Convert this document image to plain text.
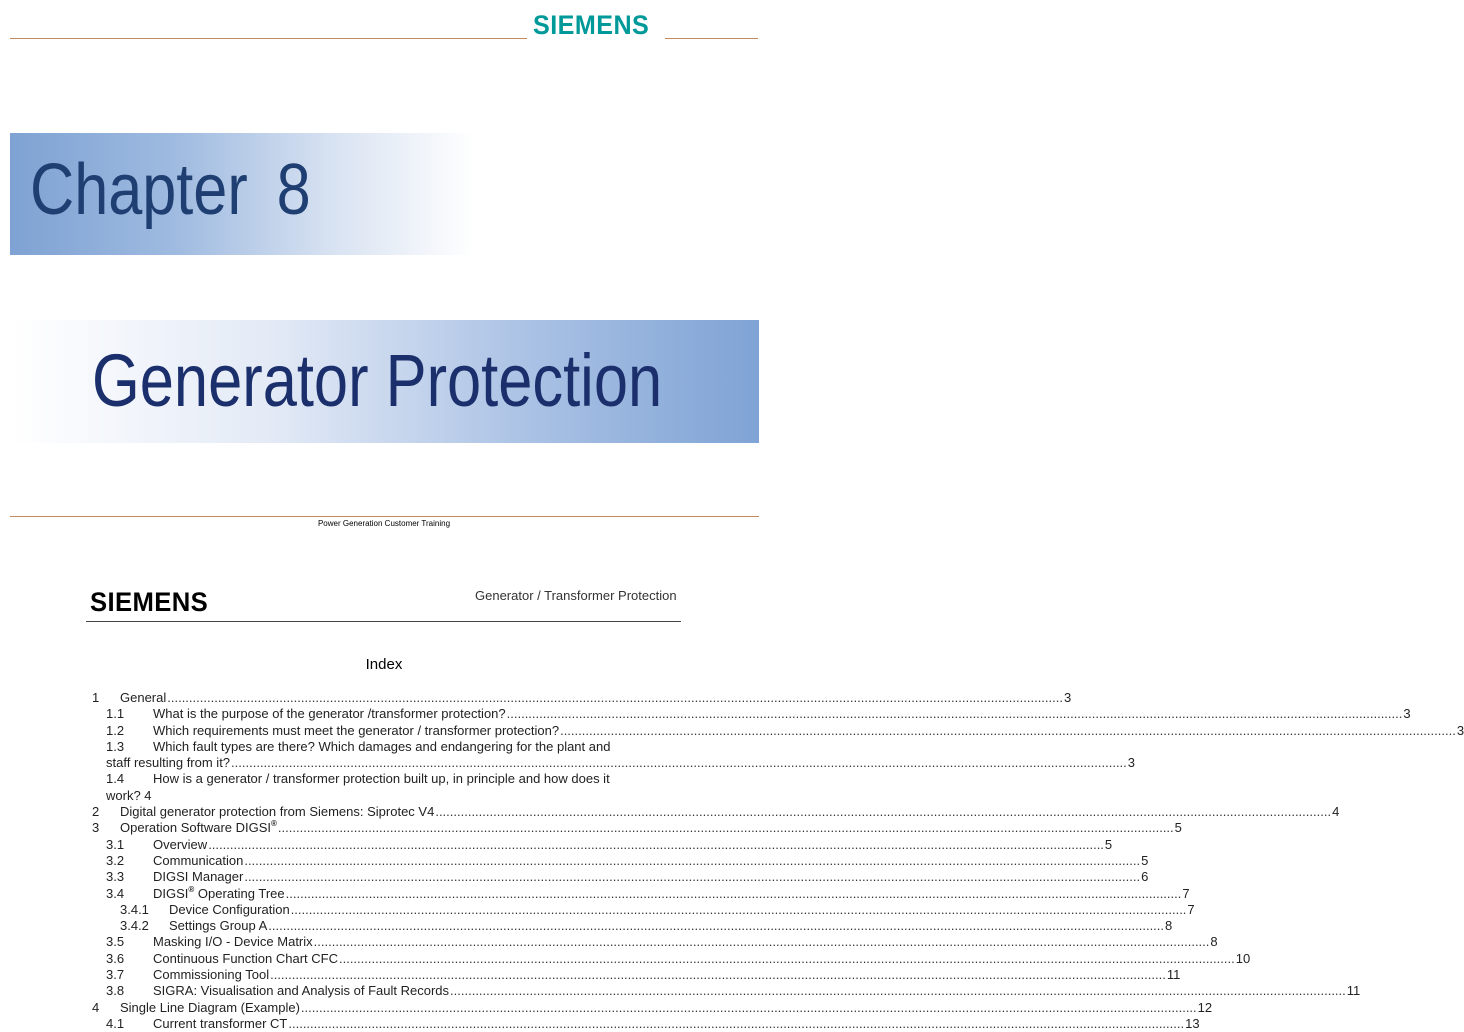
SIEMENS
Chapter 8
Generator Protection
Power Generation Customer Training
SIEMENS	Generator / Transformer Protection
Index
1	General .....	3
1.1	What is the purpose of the generator /transformer protection? .....	3
1.2	Which requirements must meet the generator / transformer protection? .....	3
1.3	Which fault types are there? Which damages and endangering for the plant and
staff resulting from it? .....	3
1.4	How is a generator / transformer protection built up, in principle and how does it
work? 4
2	Digital generator protection from Siemens: Siprotec V4 .....	4
3	Operation Software DIGSI® .....	5
3.1	Overview .....	5
3.2	Communication .....	5
3.3	DIGSI Manager .....	6
3.4	DIGSI® Operating Tree .....	7
3.4.1	Device Configuration .....	7
3.4.2	Settings Group A .....	8
3.5	Masking I/O - Device Matrix .....	8
3.6	Continuous Function Chart CFC .....	10
3.7	Commissioning Tool .....	11
3.8	SIGRA: Visualisation and Analysis of Fault Records .....	11
4	Single Line Diagram (Example) .....	12
4.1	Current transformer CT .....	13
